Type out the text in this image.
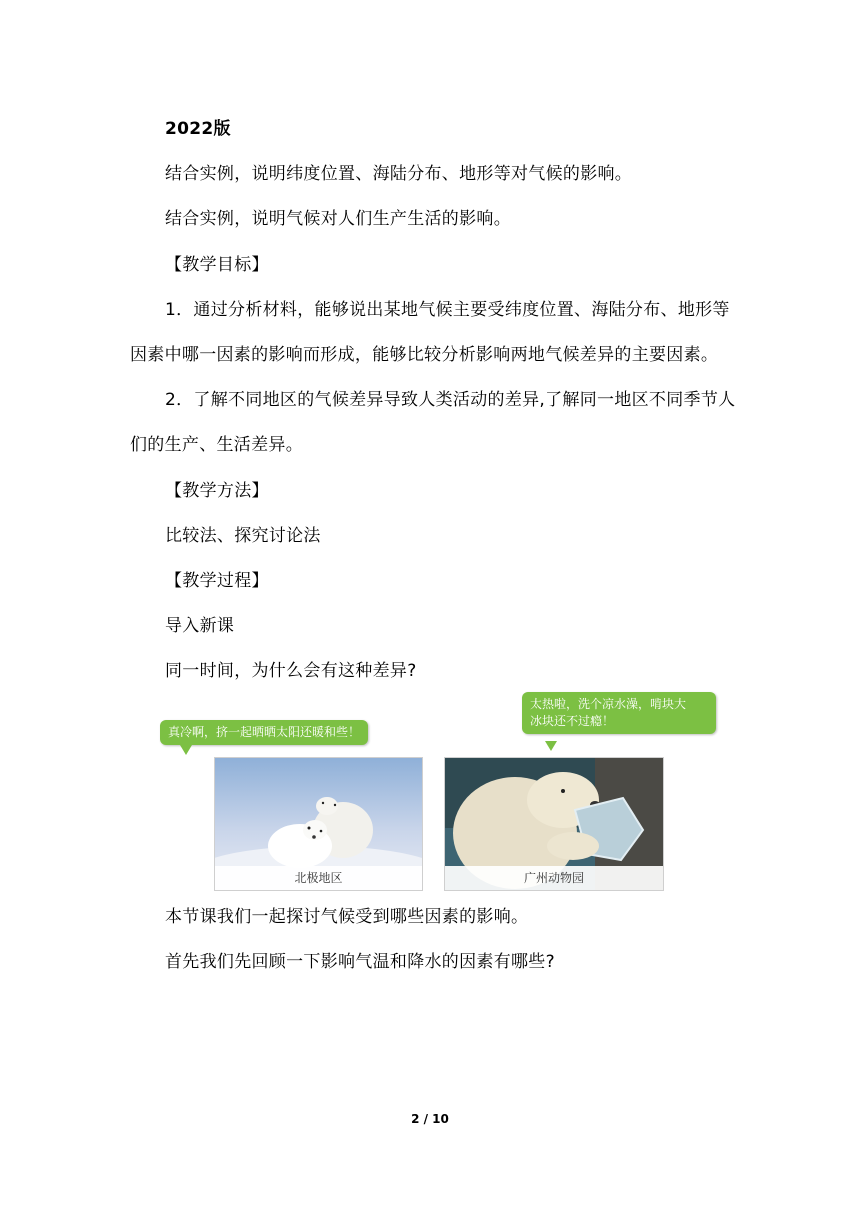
2022版
结合实例，说明纬度位置、海陆分布、地形等对气候的影响。
结合实例，说明气候对人们生产生活的影响。
【教学目标】
1．通过分析材料，能够说出某地气候主要受纬度位置、海陆分布、地形等
因素中哪一因素的影响而形成，能够比较分析影响两地气候差异的主要因素。
2．了解不同地区的气候差异导致人类活动的差异,了解同一地区不同季节人
们的生产、生活差异。
【教学方法】
比较法、探究讨论法
【教学过程】
导入新课
同一时间，为什么会有这种差异?
真冷啊，挤一起晒晒太阳还暖和些！
太热啦，洗个凉水澡，啃块大
冰块还不过瘾！
北极地区	广州动物园
本节课我们一起探讨气候受到哪些因素的影响。
首先我们先回顾一下影响气温和降水的因素有哪些?
2 / 10
